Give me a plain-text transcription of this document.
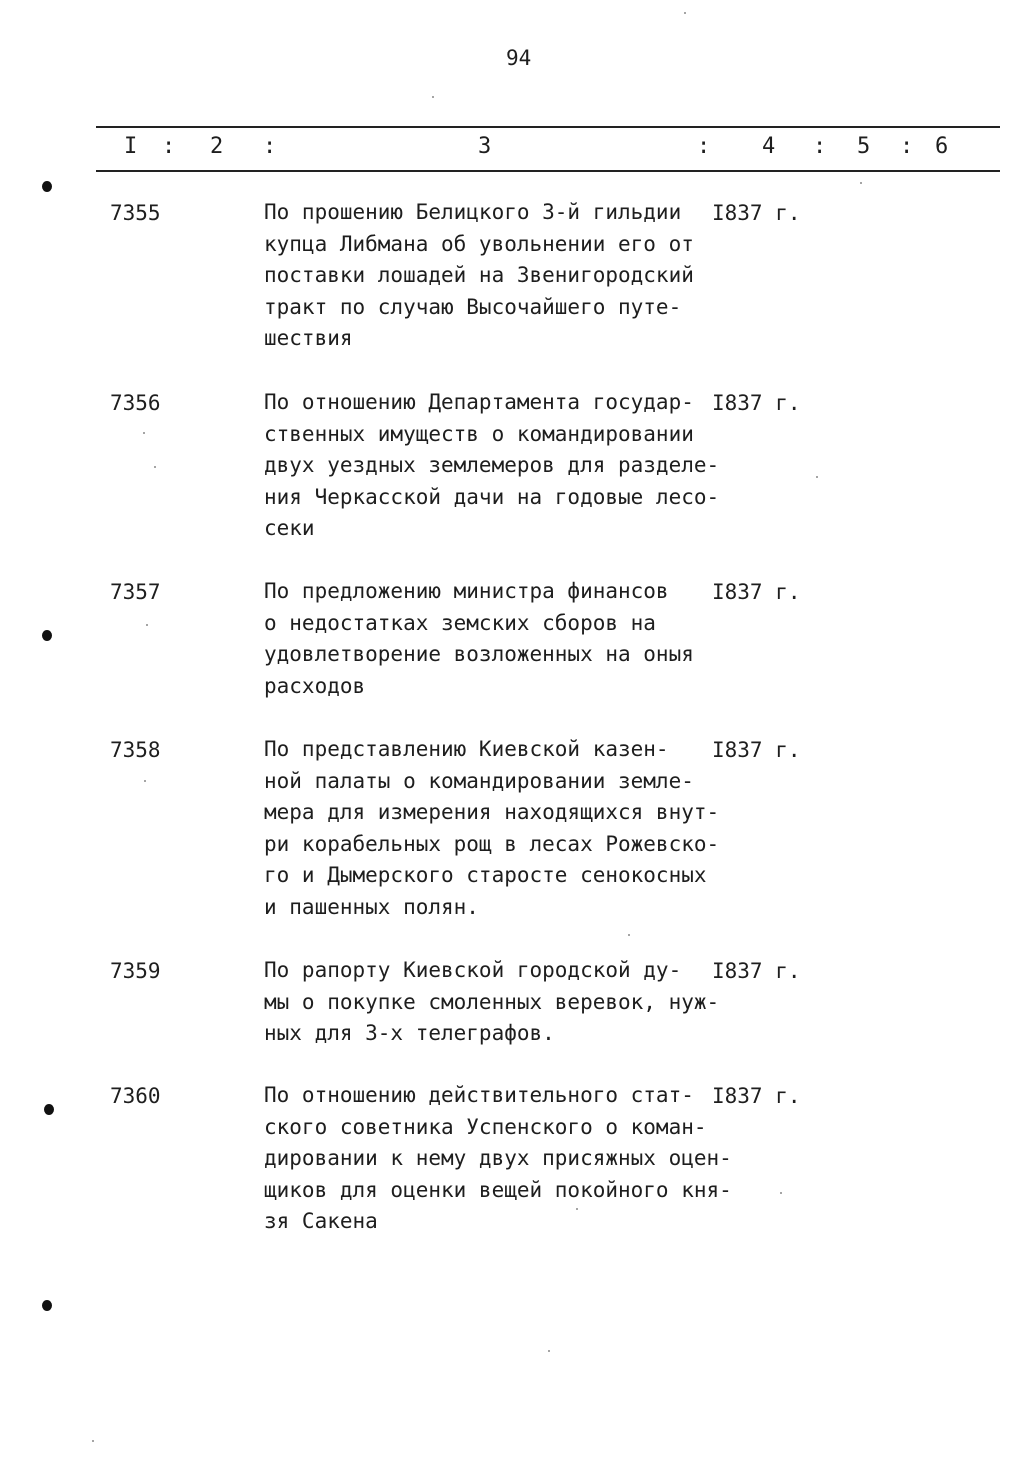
94
I : 2 :	3	: 4 : 5 : 6
7355	По прошению Белицкого 3-й гильдии
купца Либмана об увольнении его от
поставки лошадей на Звенигородский
тракт по случаю Высочайшего путе-
шествия
I837 г.
7356	По отношению Департамента государ-
ственных имуществ о командировании
двух уездных землемеров для разделе-
ния Черкасской дачи на годовые лесо-
секи
I837 г.
7357	По предложению министра финансов
о недостатках земских сборов на
удовлетворение возложенных на оныя
расходов
I837 г.
7358	По представлению Киевской казен-
ной палаты о командировании земле-
мера для измерения находящихся внут-
ри корабельных рощ в лесах Рожевско-
го и Дымерского старосте сенокосных
и пашенных полян.
I837 г.
7359	По рапорту Киевской городской ду-
мы о покупке смоленных веревок, нуж-
ных для 3-х телеграфов.
I837 г.
7360	По отношению действительного стат-
ского советника Успенского о коман-
дировании к нему двух присяжных оцен-
щиков для оценки вещей покойного кня-
зя Сакена
I837 г.
